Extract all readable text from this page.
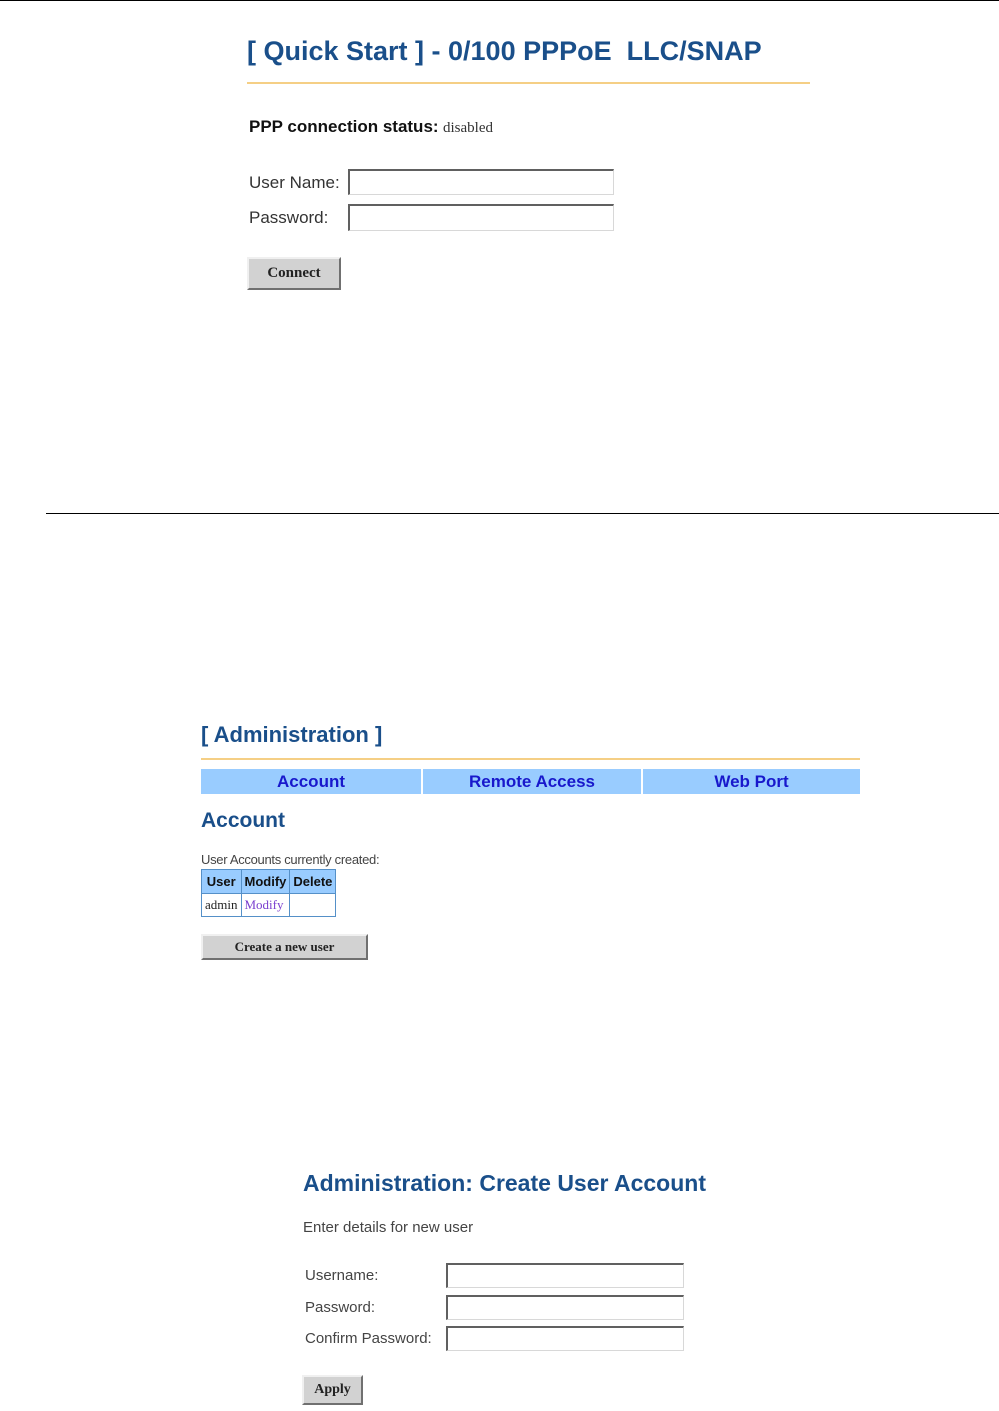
[ Quick Start ] - 0/100 PPPoE  LLC/SNAP
PPP connection status: disabled
User Name:
Password:
Connect
[ Administration ]
Account	Remote Access	Web Port
Account
User Accounts currently created:
User	Modify	Delete
admin	Modify	
Create a new user
Administration: Create User Account
Enter details for new user
Username:
Password:
Confirm Password:
Apply
